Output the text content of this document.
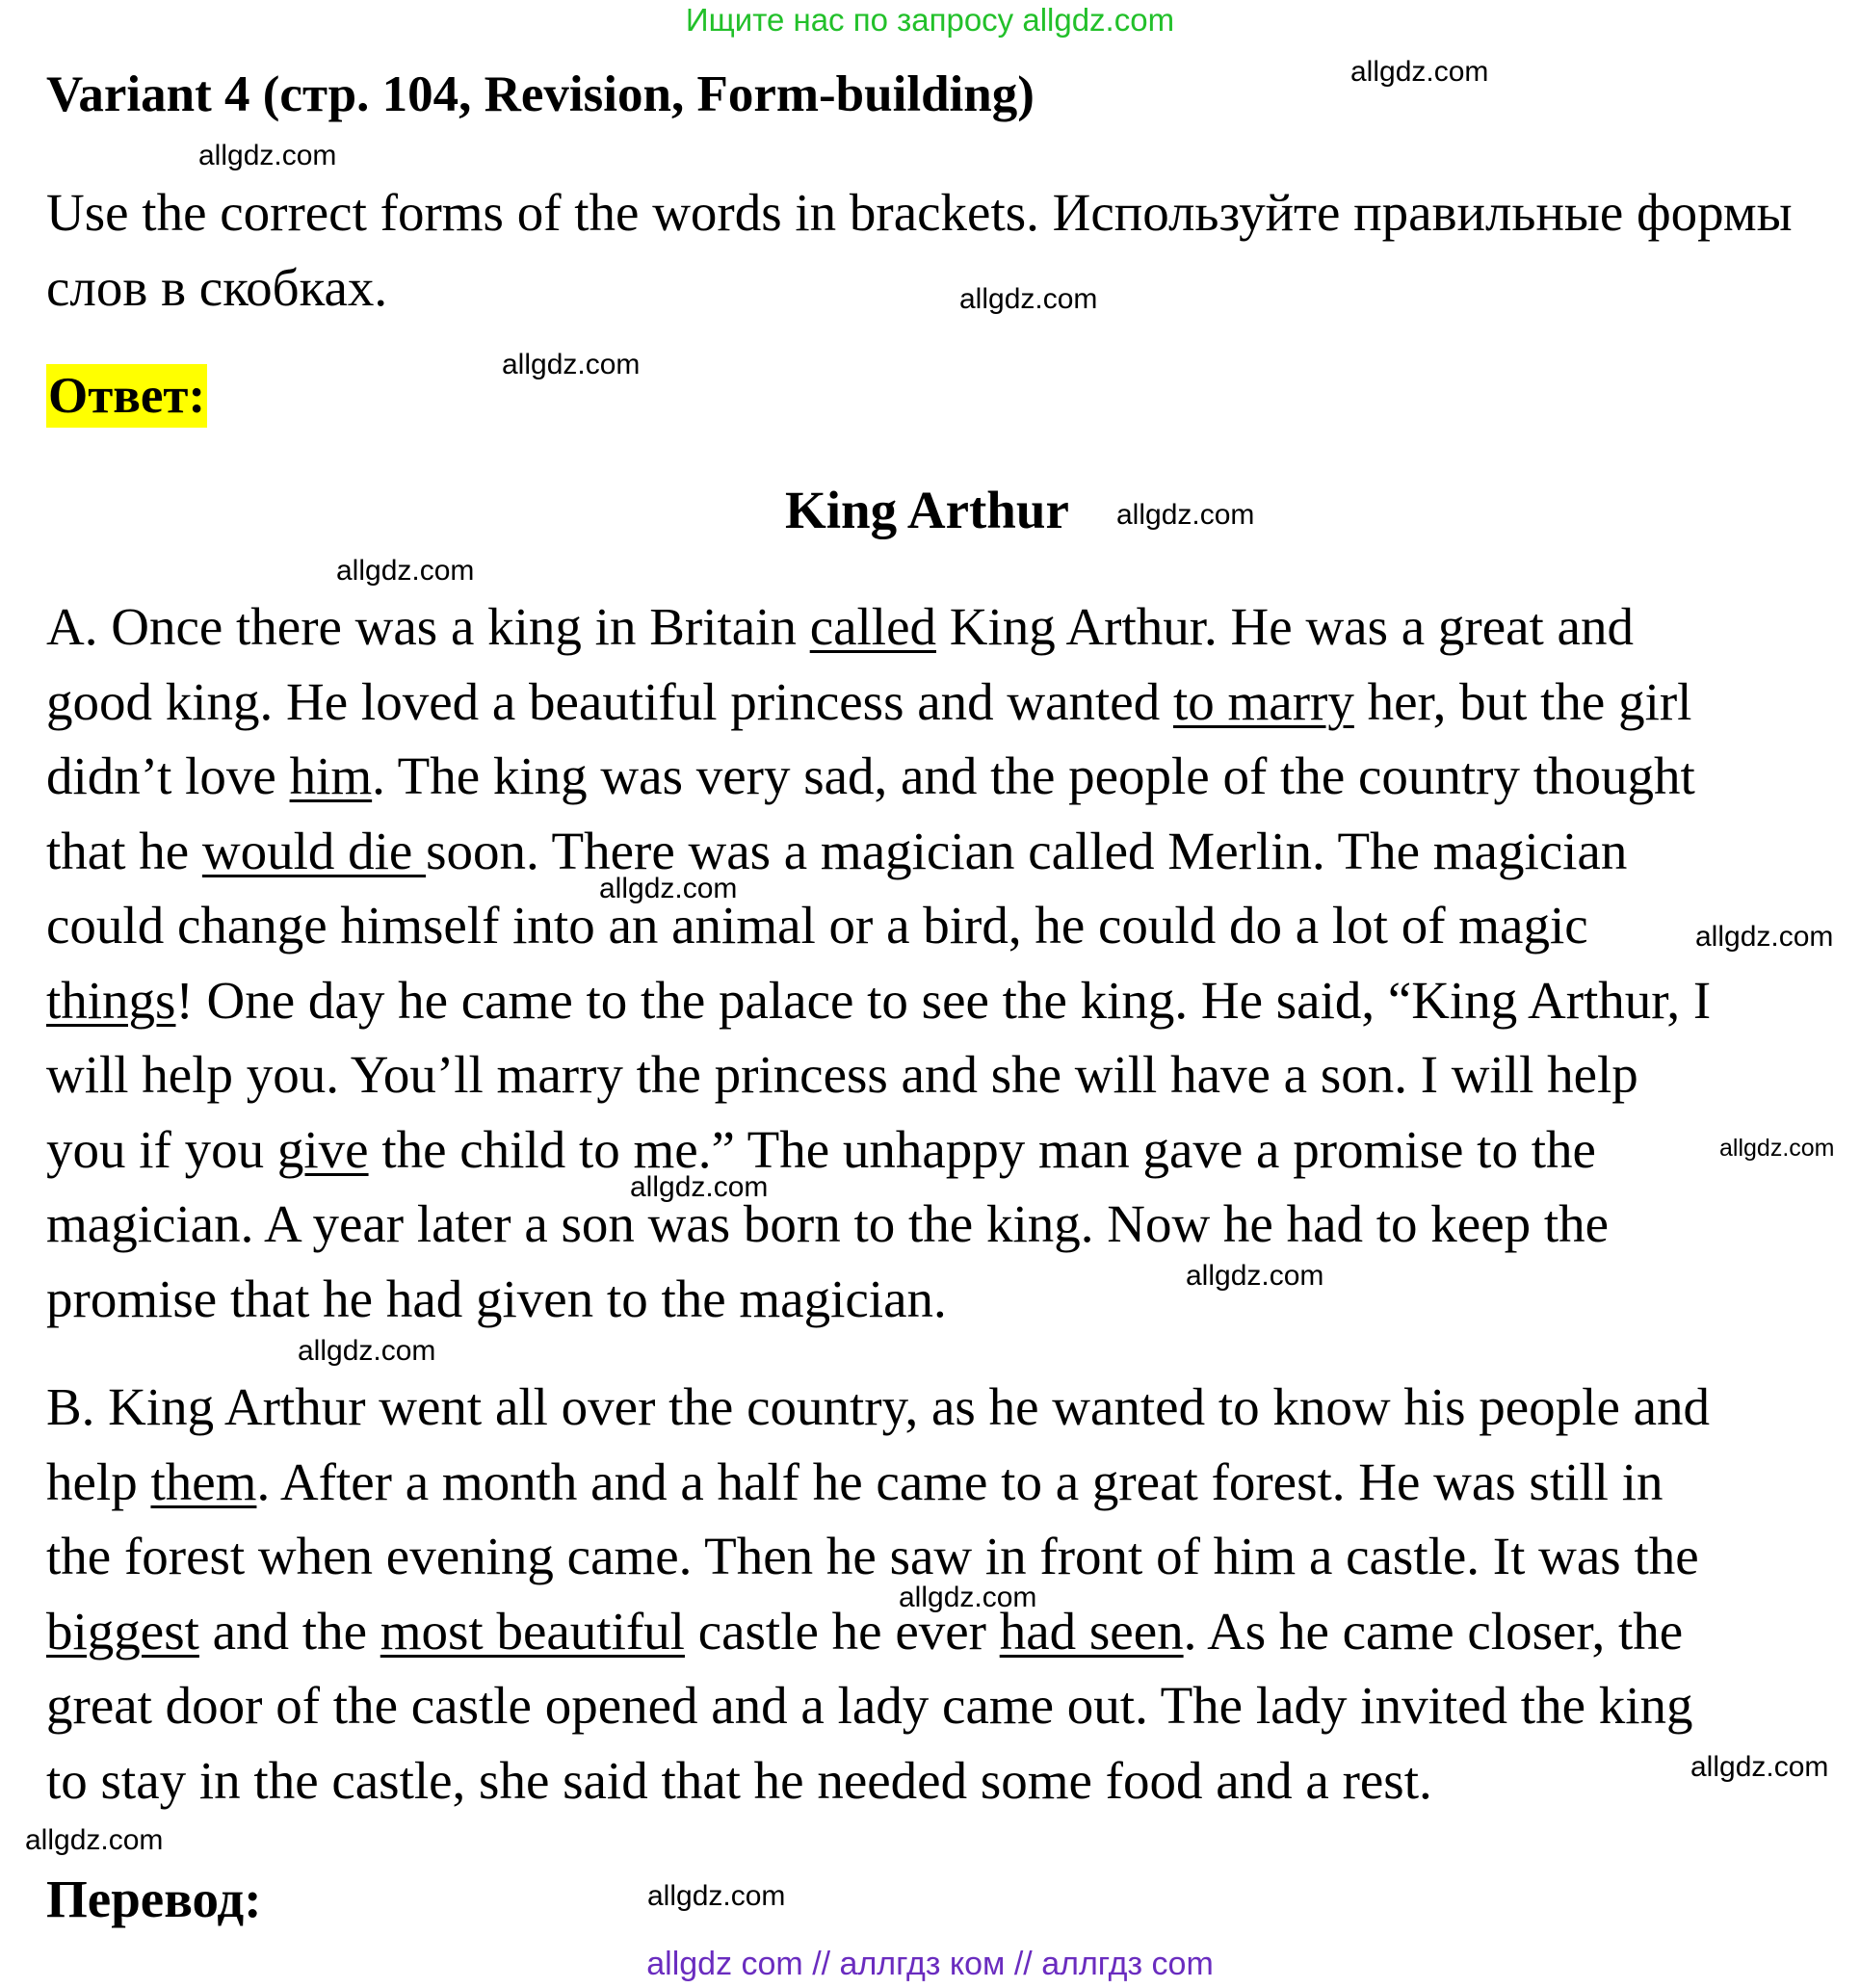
Ищите нас по запросу allgdz.com
Variant 4 (стр. 104, Revision, Form-building)
Use the correct forms of the words in brackets. Используйте правильные формы слов в скобках.
Ответ:
King Arthur
A. Once there was a king in Britain called King Arthur. He was a great and
good king. He loved a beautiful princess and wanted to marry her, but the girl
didn’t love him. The king was very sad, and the people of the country thought
that he would die soon. There was a magician called Merlin. The magician
could change himself into an animal or a bird, he could do a lot of magic
things! One day he came to the palace to see the king. He said, “King Arthur, I
will help you. You’ll marry the princess and she will have a son. I will help
you if you give the child to me.” The unhappy man gave a promise to the
magician. A year later a son was born to the king. Now he had to keep the
promise that he had given to the magician.
B. King Arthur went all over the country, as he wanted to know his people and
help them. After a month and a half he came to a great forest. He was still in
the forest when evening came. Then he saw in front of him a castle. It was the
biggest and the most beautiful castle he ever had seen. As he came closer, the
great door of the castle opened and a lady came out. The lady invited the king
to stay in the castle, she said that he needed some food and a rest.
Перевод:
allgdz.com
allgdz.com
allgdz.com
allgdz.com
allgdz.com
allgdz.com
allgdz.com
allgdz.com
allgdz.com
allgdz.com
allgdz.com
allgdz.com
allgdz.com
allgdz.com
allgdz.com
allgdz.com
allgdz com // аллгдз ком // аллгдз com
